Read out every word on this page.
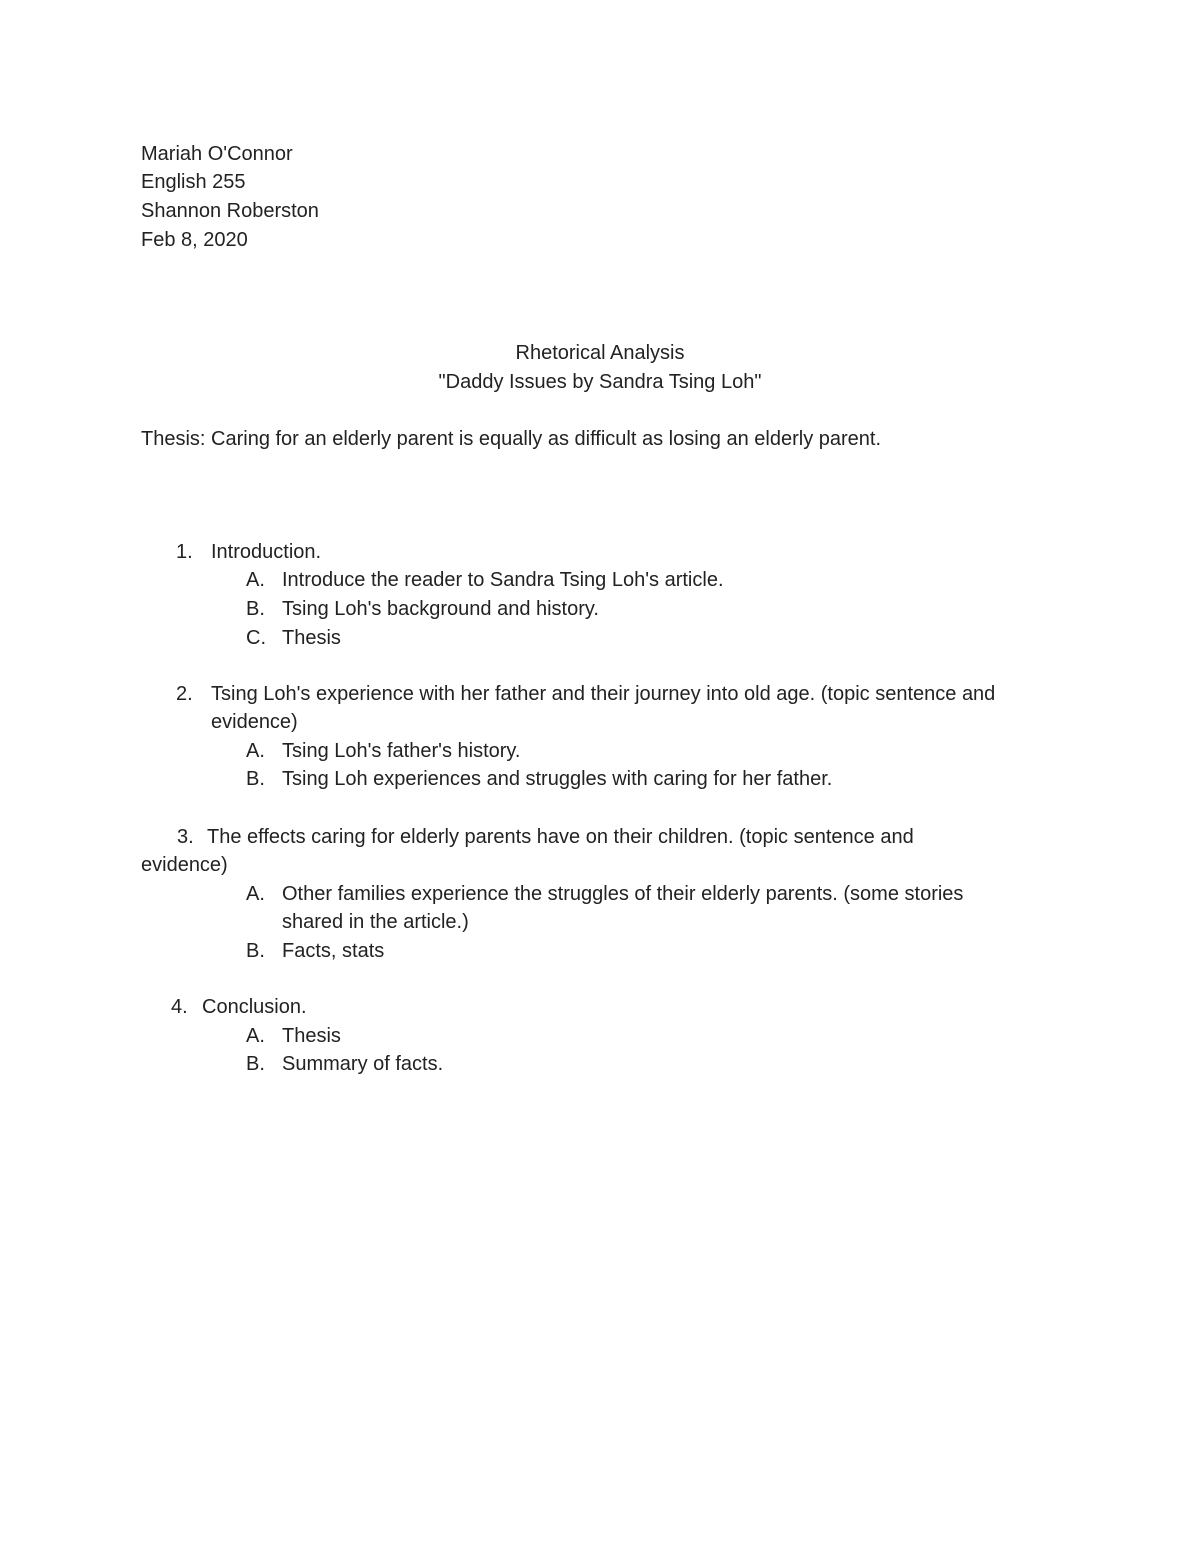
Mariah O'Connor
English 255
Shannon Roberston
Feb 8, 2020
Rhetorical Analysis
"Daddy Issues by Sandra Tsing Loh"
Thesis: Caring for an elderly parent is equally as difficult as losing an elderly parent.
1. Introduction.
A. Introduce the reader to Sandra Tsing Loh's article.
B. Tsing Loh's background and history.
C. Thesis
2. Tsing Loh's experience with her father and their journey into old age. (topic sentence and
evidence)
A. Tsing Loh's father's history.
B. Tsing Loh experiences and struggles with caring for her father.
3. The effects caring for elderly parents have on their children. (topic sentence and
evidence)
A. Other families experience the struggles of their elderly parents. (some stories
shared in the article.)
B. Facts, stats
4. Conclusion.
A. Thesis
B. Summary of facts.
